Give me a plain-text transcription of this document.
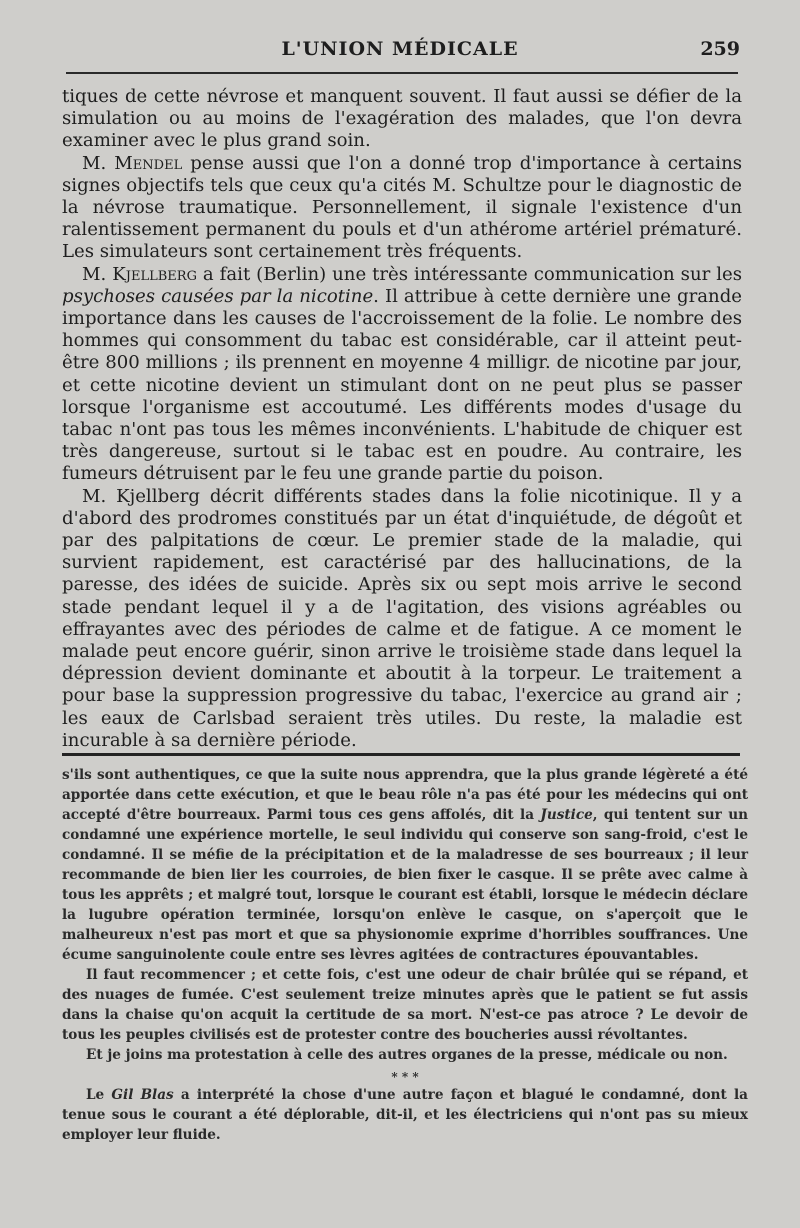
L'UNION MÉDICALE	259

tiques de cette névrose et manquent souvent. Il faut aussi se défier de la simulation ou au moins de l'exagération des malades, que l'on devra examiner avec le plus grand soin.

M. Mendel pense aussi que l'on a donné trop d'importance à certains signes objectifs tels que ceux qu'a cités M. Schultze pour le diagnostic de la névrose traumatique. Personnellement, il signale l'existence d'un ralentissement permanent du pouls et d'un athérome artériel prématuré. Les simulateurs sont certainement très fréquents.

M. Kjellberg a fait (Berlin) une très intéressante communication sur les psychoses causées par la nicotine. Il attribue à cette dernière une grande importance dans les causes de l'accroissement de la folie. Le nombre des hommes qui consomment du tabac est considérable, car il atteint peut-être 800 millions ; ils prennent en moyenne 4 milligr. de nicotine par jour, et cette nicotine devient un stimulant dont on ne peut plus se passer lorsque l'organisme est accoutumé. Les différents modes d'usage du tabac n'ont pas tous les mêmes inconvénients. L'habitude de chiquer est très dangereuse, surtout si le tabac est en poudre. Au contraire, les fumeurs détruisent par le feu une grande partie du poison.

M. Kjellberg décrit différents stades dans la folie nicotinique. Il y a d'abord des prodromes constitués par un état d'inquiétude, de dégoût et par des palpitations de cœur. Le premier stade de la maladie, qui survient rapidement, est caractérisé par des hallucinations, de la paresse, des idées de suicide. Après six ou sept mois arrive le second stade pendant lequel il y a de l'agitation, des visions agréables ou effrayantes avec des périodes de calme et de fatigue. A ce moment le malade peut encore guérir, sinon arrive le troisième stade dans lequel la dépression devient dominante et aboutit à la torpeur. Le traitement a pour base la suppression progressive du tabac, l'exercice au grand air ; les eaux de Carlsbad seraient très utiles. Du reste, la maladie est incurable à sa dernière période.

s'ils sont authentiques, ce que la suite nous apprendra, que la plus grande légèreté a été apportée dans cette exécution, et que le beau rôle n'a pas été pour les médecins qui ont accepté d'être bourreaux. Parmi tous ces gens affolés, dit la Justice, qui tentent sur un condamné une expérience mortelle, le seul individu qui conserve son sang-froid, c'est le condamné. Il se méfie de la précipitation et de la maladresse de ses bourreaux ; il leur recommande de bien lier les courroies, de bien fixer le casque. Il se prête avec calme à tous les apprêts ; et malgré tout, lorsque le courant est établi, lorsque le médecin déclare la lugubre opération terminée, lorsqu'on enlève le casque, on s'aperçoit que le malheureux n'est pas mort et que sa physionomie exprime d'horribles souffrances. Une écume sanguinolente coule entre ses lèvres agitées de contractures épouvantables.

Il faut recommencer ; et cette fois, c'est une odeur de chair brûlée qui se répand, et des nuages de fumée. C'est seulement treize minutes après que le patient se fut assis dans la chaise qu'on acquit la certitude de sa mort. N'est-ce pas atroce ? Le devoir de tous les peuples civilisés est de protester contre des boucheries aussi révoltantes.

Et je joins ma protestation à celle des autres organes de la presse, médicale ou non.

* * *

Le Gil Blas a interprété la chose d'une autre façon et blagué le condamné, dont la tenue sous le courant a été déplorable, dit-il, et les électriciens qui n'ont pas su mieux employer leur fluide.
